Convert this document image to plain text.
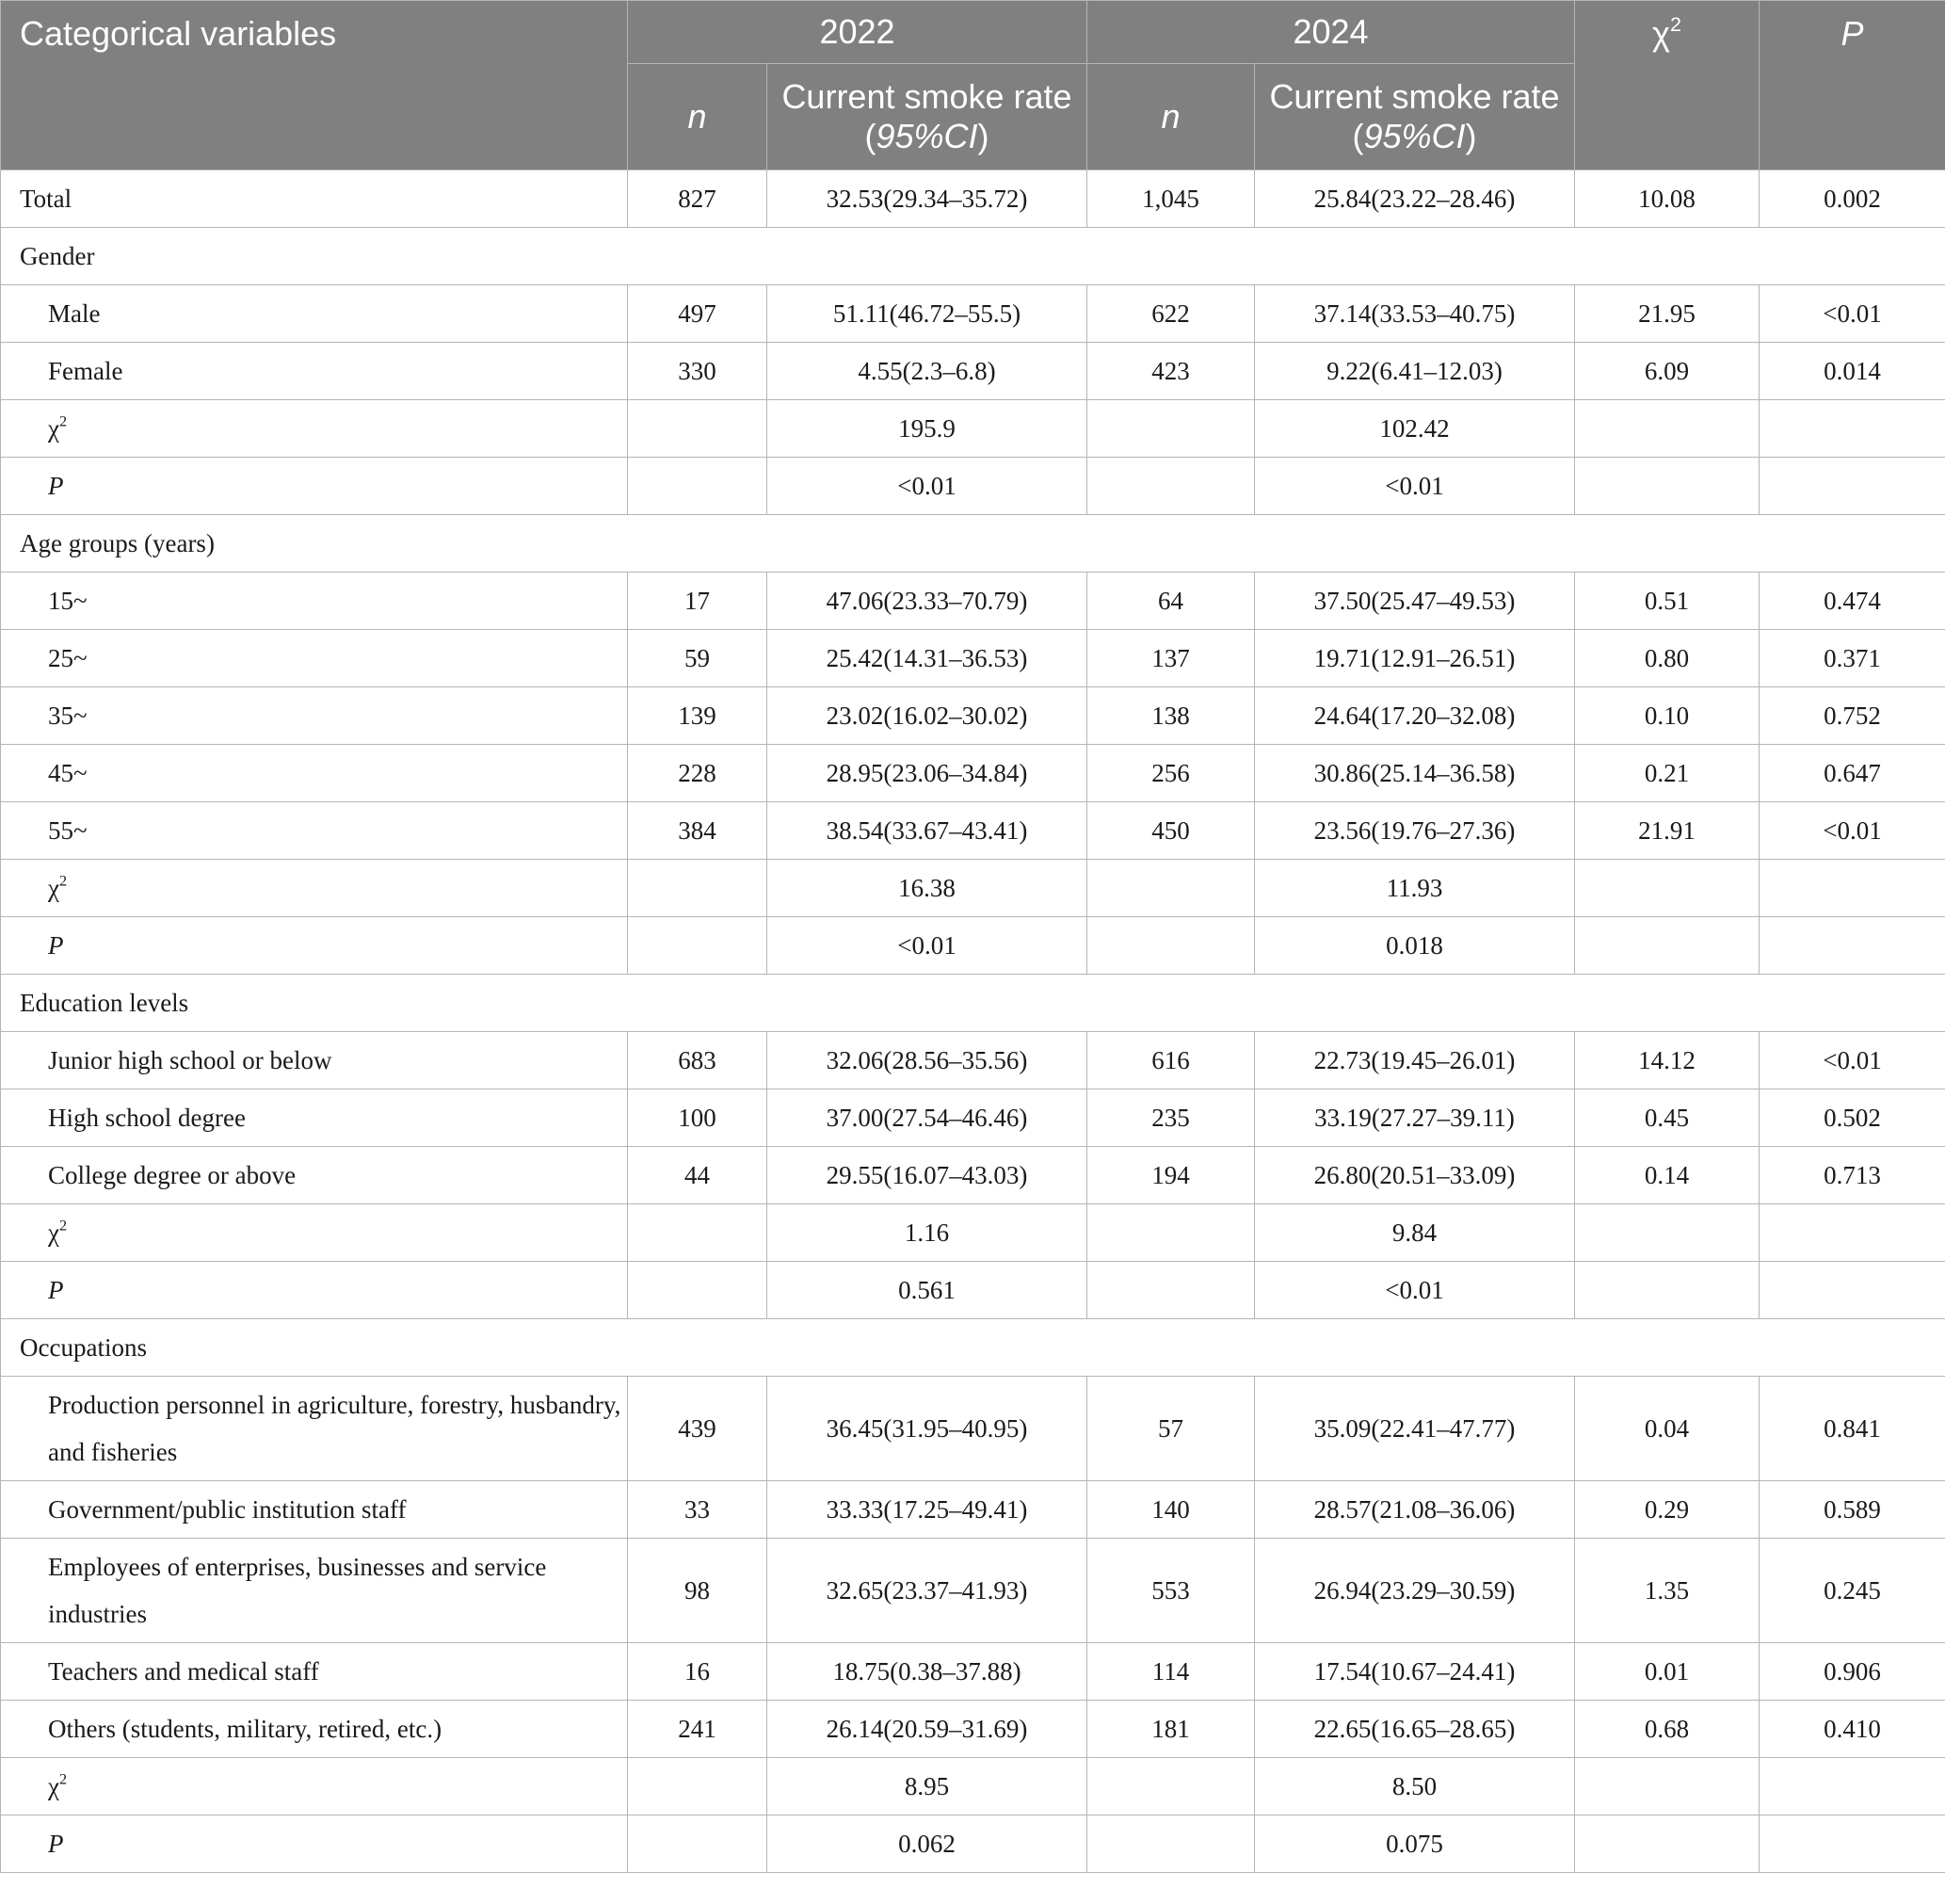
Categorical variables	2022		2024		$\chi^2$	P
	n	Current smoke rate (95%CI)	n	Current smoke rate (95%CI)		
Total	827	32.53(29.34–35.72)	1,045	25.84(23.22–28.46)	10.08	0.002
Gender						
Male	497	51.11(46.72–55.5)	622	37.14(33.53–40.75)	21.95	<0.01
Female	330	4.55(2.3–6.8)	423	9.22(6.41–12.03)	6.09	0.014
$\chi^2$		195.9		102.42		
P		<0.01		<0.01		
Age groups (years)						
15~	17	47.06(23.33–70.79)	64	37.50(25.47–49.53)	0.51	0.474
25~	59	25.42(14.31–36.53)	137	19.71(12.91–26.51)	0.80	0.371
35~	139	23.02(16.02–30.02)	138	24.64(17.20–32.08)	0.10	0.752
45~	228	28.95(23.06–34.84)	256	30.86(25.14–36.58)	0.21	0.647
55~	384	38.54(33.67–43.41)	450	23.56(19.76–27.36)	21.91	<0.01
$\chi^2$		16.38		11.93		
P		<0.01		0.018		
Education levels						
Junior high school or below	683	32.06(28.56–35.56)	616	22.73(19.45–26.01)	14.12	<0.01
High school degree	100	37.00(27.54–46.46)	235	33.19(27.27–39.11)	0.45	0.502
College degree or above	44	29.55(16.07–43.03)	194	26.80(20.51–33.09)	0.14	0.713
$\chi^2$		1.16		9.84		
P		0.561		<0.01		
Occupations						
Production personnel in agriculture, forestry, husbandry, and fisheries	439	36.45(31.95–40.95)	57	35.09(22.41–47.77)	0.04	0.841
Government/public institution staff	33	33.33(17.25–49.41)	140	28.57(21.08–36.06)	0.29	0.589
Employees of enterprises, businesses and service industries	98	32.65(23.37–41.93)	553	26.94(23.29–30.59)	1.35	0.245
Teachers and medical staff	16	18.75(0.38–37.88)	114	17.54(10.67–24.41)	0.01	0.906
Others (students, military, retired, etc.)	241	26.14(20.59–31.69)	181	22.65(16.65–28.65)	0.68	0.410
$\chi^2$		8.95		8.50		
P		0.062		0.075		
